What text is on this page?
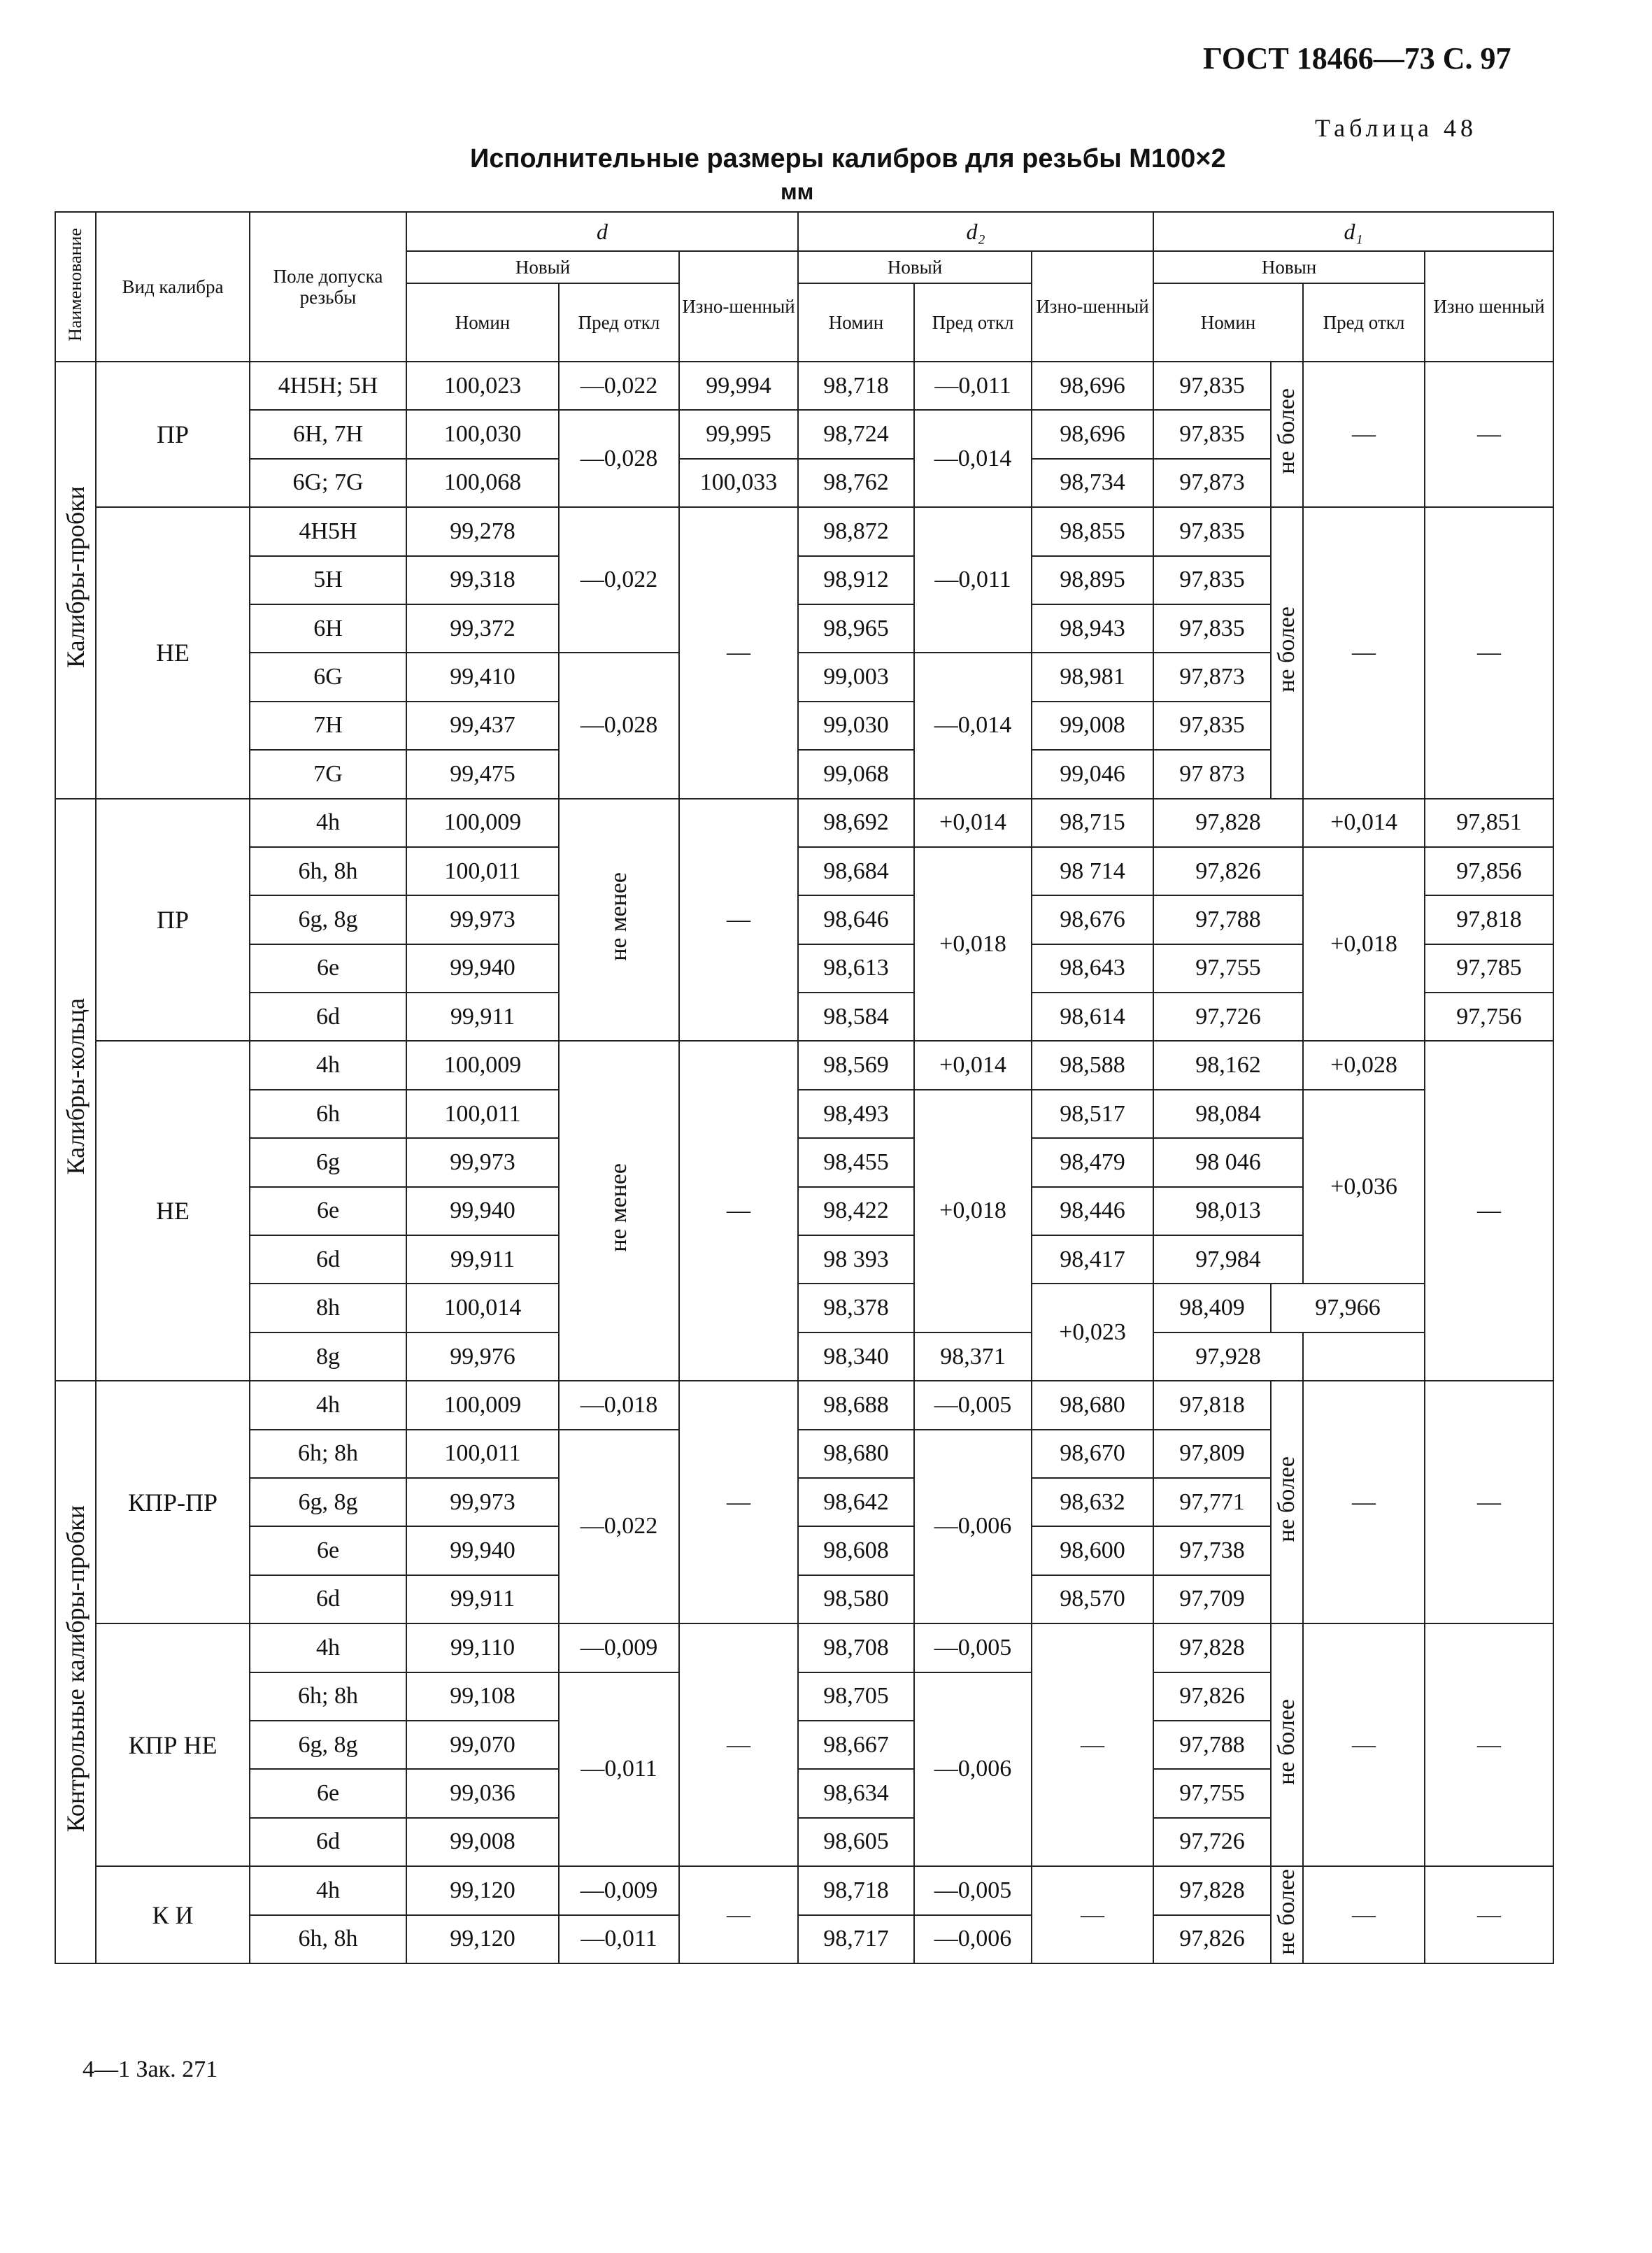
ГОСТ 18466—73 С. 97
Таблица 48
Исполнительные размеры калибров для резьбы М100×2
мм
Наименование	Вид калибра	Поле допуска резьбы	d			d₂			d₁				
			Новый		Изно-шенный	Новый		Изно-шенный	Новын			Изно шенный	
			Номин	Пред откл		Номин	Пред откл		Номин		Пред откл		
Калибры-пробки	ПР	4H5H; 5H	100,023	—0,022	99,994	98,718	—0,011	98,696	97,835	не более	—	—	
		6H, 7H	100,030	—0,028	99,995	98,724	—0,014	98,696	97,835				
		6G; 7G	100,068		100,033	98,762		98,734	97,873				
	НЕ	4H5H	99,278	—0,022	—	98,872	—0,011	98,855	97,835	не более	—	—	
		5H	99,318			98,912		98,895	97,835				
		6H	99,372			98,965		98,943	97,835				
		6G	99,410	—0,028		99,003	—0,014	98,981	97,873				
		7H	99,437			99,030		99,008	97,835				
		7G	99,475			99,068		99,046	97 873				
Калибры-кольца	ПР	4h	100,009	не менее	—	98,692	+0,014	98,715	97,828		+0,014	97,851	
		6h, 8h	100,011			98,684	+0,018	98 714	97,826		+0,018	97,856	
		6g, 8g	99,973			98,646		98,676	97,788			97,818	
		6e	99,940			98,613		98,643	97,755			97,785	
		6d	99,911			98,584		98,614	97,726			97,756	
	НЕ	4h	100,009	не менее	—	98,569	+0,014	98,588	98,162		+0,028	—	
		6h	100,011			98,493	+0,018	98,517	98,084		+0,036		
		6g	99,973			98,455		98,479	98 046				
		6e	99,940			98,422		98,446	98,013				
		6d	99,911			98 393		98,417	97,984				
		8h	100,014			98,378		+0,023	98,409	97,966	
		8g	99,976			98,340	98,371		97,928				
Контрольные калибры-пробки	КПР-ПР	4h	100,009	—0,018	—	98,688	—0,005	98,680	97,818	не более	—	—	
		6h; 8h	100,011	—0,022		98,680	—0,006	98,670	97,809				
		6g, 8g	99,973			98,642		98,632	97,771				
		6e	99,940			98,608		98,600	97,738				
		6d	99,911			98,580		98,570	97,709				
	КПР НЕ	4h	99,110	—0,009	—	98,708	—0,005	—	97,828	не более	—	—	
		6h; 8h	99,108	—0,011		98,705	—0,006		97,826				
		6g, 8g	99,070			98,667			97,788				
		6e	99,036			98,634			97,755				
		6d	99,008			98,605			97,726				
	К И	4h	99,120	—0,009	—	98,718	—0,005	—	97,828	не более	—	—	
		6h, 8h	99,120	—0,011		98,717	—0,006		97,826				
4—1 Зак. 271
